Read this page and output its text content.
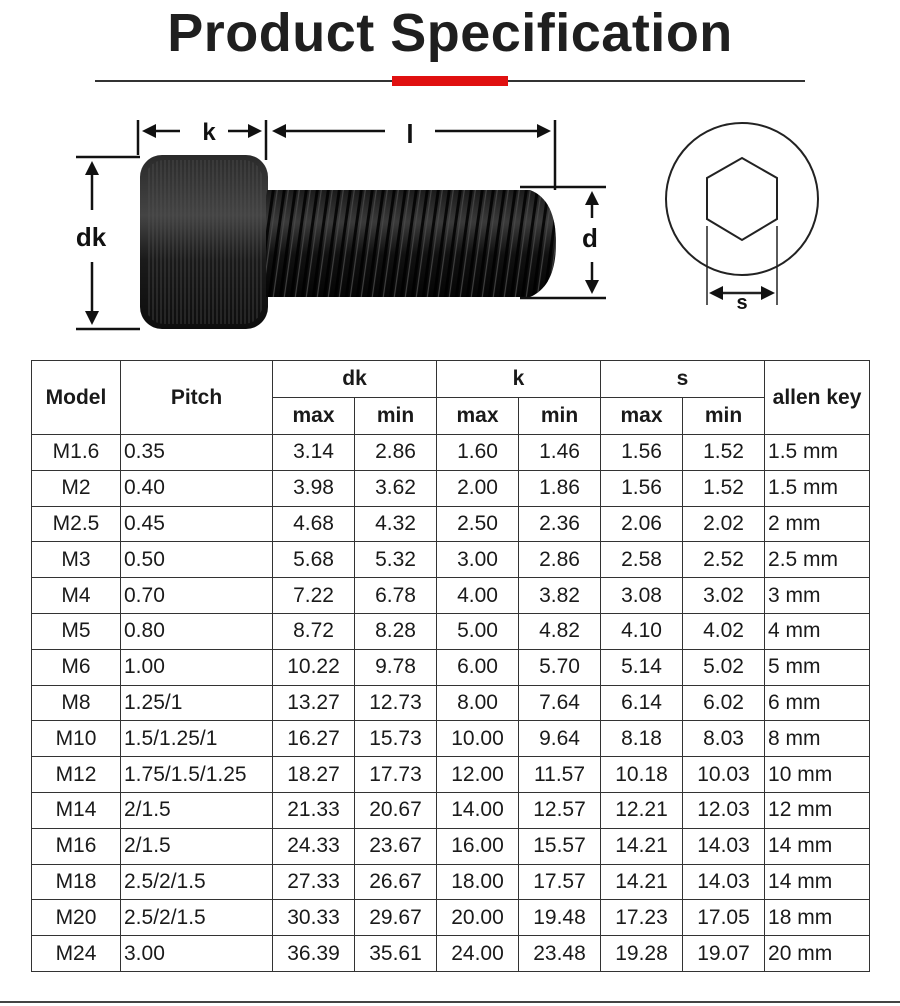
Product Specification
k	l
dk	d
s
Model	Pitch	dk		k		s		allen key
		max	min	max	min	max	min	
M1.6	0.35	3.14	2.86	1.60	1.46	1.56	1.52	1.5 mm
M2	0.40	3.98	3.62	2.00	1.86	1.56	1.52	1.5 mm
M2.5	0.45	4.68	4.32	2.50	2.36	2.06	2.02	2 mm
M3	0.50	5.68	5.32	3.00	2.86	2.58	2.52	2.5 mm
M4	0.70	7.22	6.78	4.00	3.82	3.08	3.02	3 mm
M5	0.80	8.72	8.28	5.00	4.82	4.10	4.02	4 mm
M6	1.00	10.22	9.78	6.00	5.70	5.14	5.02	5 mm
M8	1.25/1	13.27	12.73	8.00	7.64	6.14	6.02	6 mm
M10	1.5/1.25/1	16.27	15.73	10.00	9.64	8.18	8.03	8 mm
M12	1.75/1.5/1.25	18.27	17.73	12.00	11.57	10.18	10.03	10 mm
M14	2/1.5	21.33	20.67	14.00	12.57	12.21	12.03	12 mm
M16	2/1.5	24.33	23.67	16.00	15.57	14.21	14.03	14 mm
M18	2.5/2/1.5	27.33	26.67	18.00	17.57	14.21	14.03	14 mm
M20	2.5/2/1.5	30.33	29.67	20.00	19.48	17.23	17.05	18 mm
M24	3.00	36.39	35.61	24.00	23.48	19.28	19.07	20 mm
